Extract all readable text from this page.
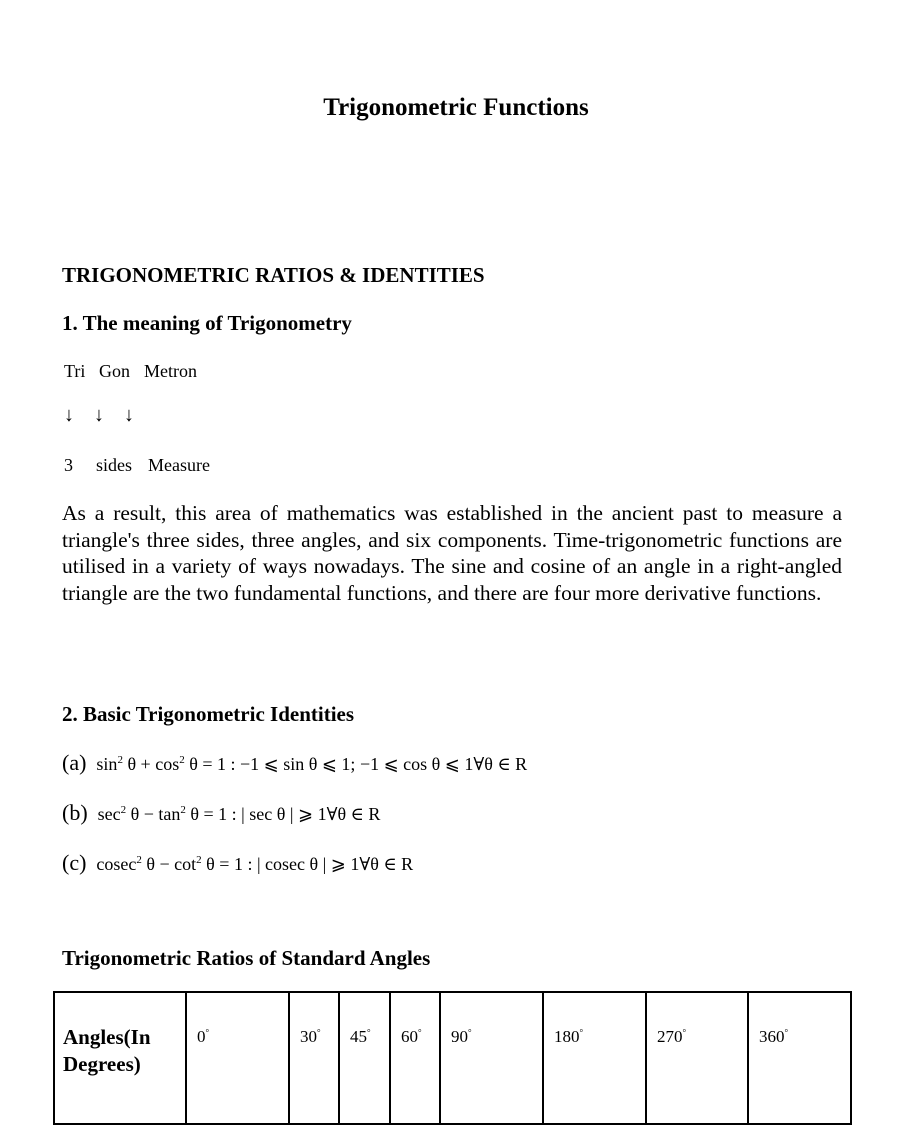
Trigonometric Functions
TRIGONOMETRIC RATIOS & IDENTITIES
1. The meaning of Trigonometry
Tri Gon Metron
↓ ↓ ↓
3 sides Measure
As a result, this area of mathematics was established in the ancient past to measure a triangle's three sides, three angles, and six components. Time-trigonometric functions are utilised in a variety of ways nowadays. The sine and cosine of an angle in a right-angled triangle are the two fundamental functions, and there are four more derivative functions.
2. Basic Trigonometric Identities
(a) $\sin^2 \theta + \cos^2 \theta = 1$ : −1 ⩽ sin θ ⩽ 1; −1 ⩽ cos θ ⩽ 1∀θ ∈ R
(b) $\sec^2 \theta - \tan^2 \theta = 1$ : | sec θ | ⩾ 1∀θ ∈ R
(c) cosec$^2$ $\theta - \cot^2 \theta = 1$ : | cosec θ | ⩾ 1∀θ ∈ R
Trigonometric Ratios of Standard Angles
Angles(In Degrees)

0°	30°	45°	60°	90°	180°	270°	360°
